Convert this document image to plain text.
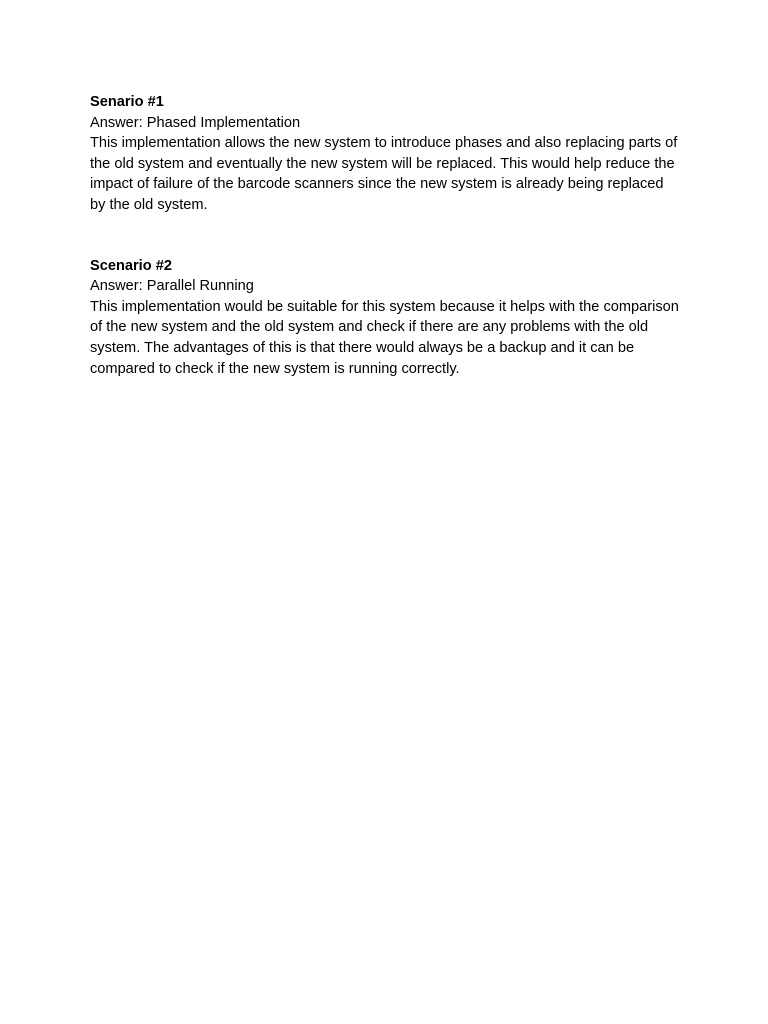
Senario #1

Answer: Phased Implementation

This implementation allows the new system to introduce phases and also replacing parts of the old system and eventually the new system will be replaced. This would help reduce the impact of failure of the barcode scanners since the new system is already being replaced by the old system.

Scenario #2

Answer: Parallel Running

This implementation would be suitable for this system because it helps with the comparison of the new system and the old system and check if there are any problems with the old system. The advantages of this is that there would always be a backup and it can be compared to check if the new system is running correctly.
